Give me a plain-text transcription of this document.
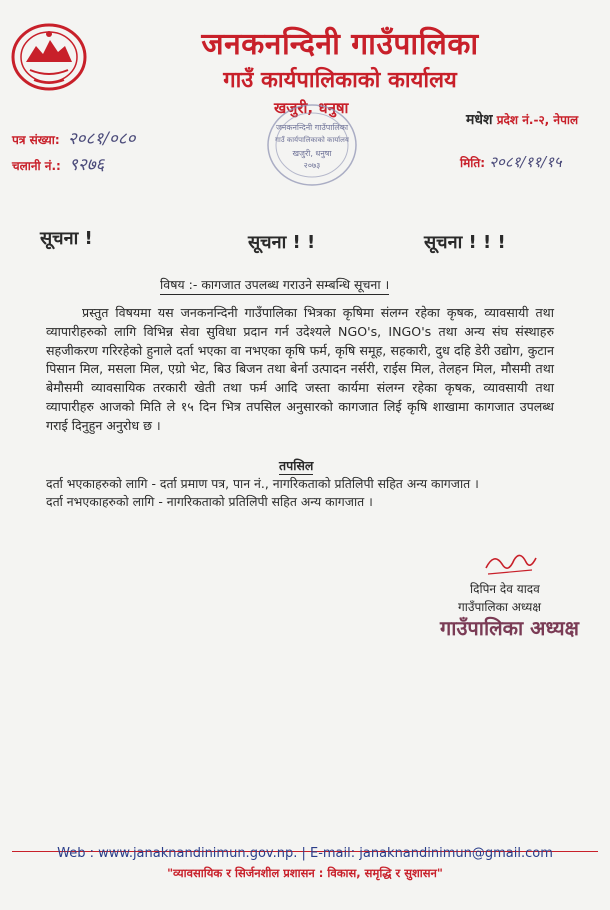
जनकनन्दिनी गाउँपालिका
गाउँ कार्यपालिकाको कार्यालय
खजुरी, धनुषा
जनकनन्दिनी गाउँपालिका
गाउँ कार्यपालिकाको कार्यालय
खजुरी, धनुषा
२०७३
मधेश प्रदेश नं.-२, नेपाल
पत्र संख्या: २०८१/०८०
चलानी नं.: ९२७६	मिति: २०८१/११/१५
सूचना !	सूचना ! !	सूचना ! ! !
विषय :- कागजात उपलब्ध गराउने सम्बन्धि सूचना ।
प्रस्तुत विषयमा यस जनकनन्दिनी गाउँपालिका भित्रका कृषिमा संलग्न रहेका कृषक, व्यावसायी तथा व्यापारीहरुको लागि विभिन्न सेवा सुविधा प्रदान गर्न उदेश्यले NGO's, INGO's तथा अन्य संघ संस्थाहरु सहजीकरण गरिरहेको हुनाले दर्ता भएका वा नभएका कृषि फर्म, कृषि समूह, सहकारी, दुध दहि डेरी उद्योग, कुटान पिसान मिल, मसला मिल, एग्रो भेट, बिउ बिजन तथा बेर्ना उत्पादन नर्सरी, राईस मिल, तेलहन मिल, मौसमी तथा बेमौसमी व्यावसायिक तरकारी खेती तथा फर्म आदि जस्ता कार्यमा संलग्न रहेका कृषक, व्यावसायी तथा व्यापारीहरु आजको मिति ले १५ दिन भित्र तपसिल अनुसारको कागजात लिई कृषि शाखामा कागजात उपलब्ध गराई दिनुहुन अनुरोध छ ।
तपसिल
दर्ता भएकाहरुको लागि - दर्ता प्रमाण पत्र, पान नं., नागरिकताको प्रतिलिपी सहित अन्य कागजात ।
दर्ता नभएकाहरुको लागि - नागरिकताको प्रतिलिपी सहित अन्य कागजात ।
दिपिन देव यादव
गाउँपालिका अध्यक्ष
गाउँपालिका अध्यक्ष
Web : www.janaknandinimun.gov.np. | E-mail: janaknandinimun@gmail.com
"व्यावसायिक र सिर्जनशील प्रशासन : विकास, समृद्धि र सुशासन"
